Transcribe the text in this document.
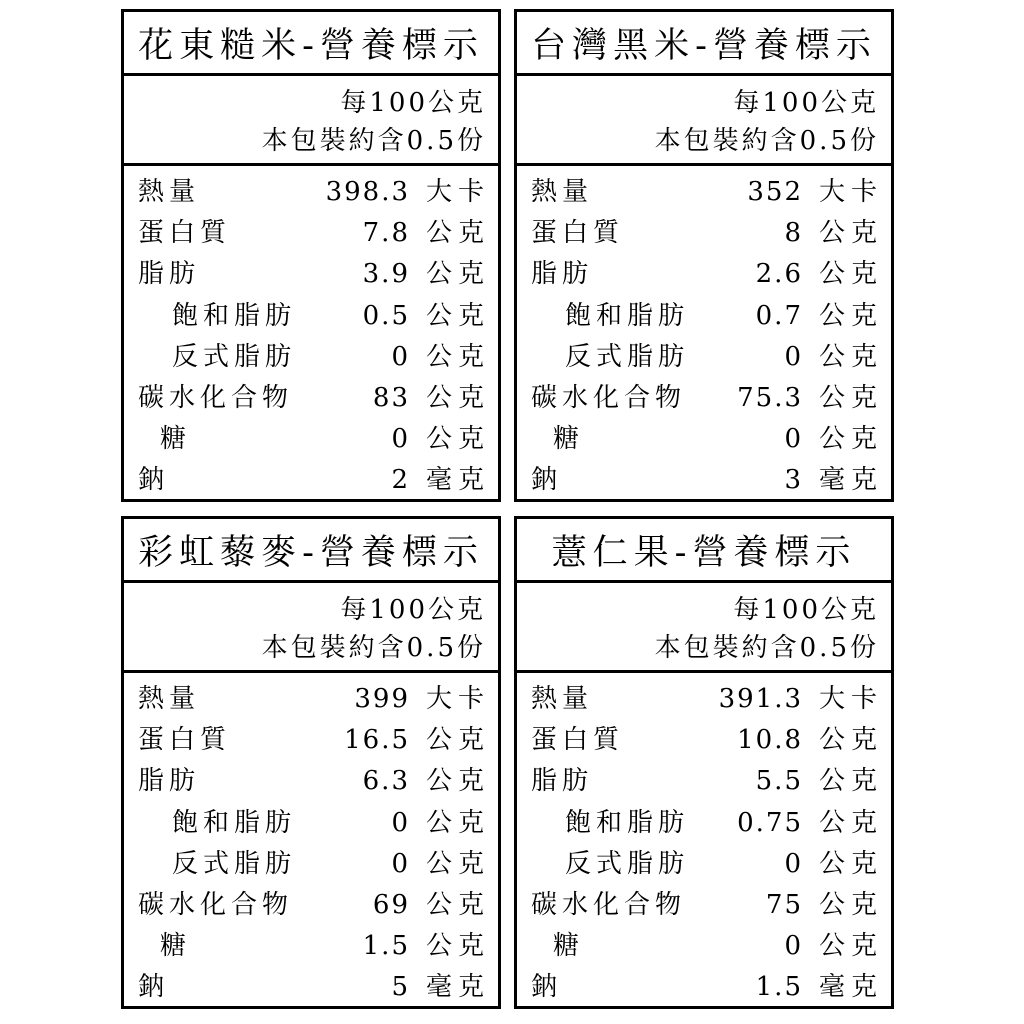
花東糙米-營養標示
每100公克
本包裝約含0.5份
熱量	398.3 大卡
蛋白質	7.8 公克
脂肪	3.9 公克
飽和脂肪	0.5 公克
反式脂肪	0 公克
碳水化合物	83 公克
糖	0 公克
鈉	2 毫克
台灣黑米-營養標示
每100公克
本包裝約含0.5份
熱量	352 大卡
蛋白質	8 公克
脂肪	2.6 公克
飽和脂肪	0.7 公克
反式脂肪	0 公克
碳水化合物 75.3 公克
糖	0 公克
鈉	3 毫克
彩虹藜麥-營養標示
每100公克
本包裝約含0.5份
熱量	399 大卡
蛋白質	16.5 公克
脂肪	6.3 公克
飽和脂肪	0 公克
反式脂肪	0 公克
碳水化合物	69 公克
糖	1.5 公克
鈉	5 毫克
薏仁果-營養標示
每100公克
本包裝約含0.5份
熱量	391.3 大卡
蛋白質	10.8 公克
脂肪	5.5 公克
飽和脂肪 0.75 公克
反式脂肪	0 公克
碳水化合物	75 公克
糖	0 公克
鈉	1.5 毫克
